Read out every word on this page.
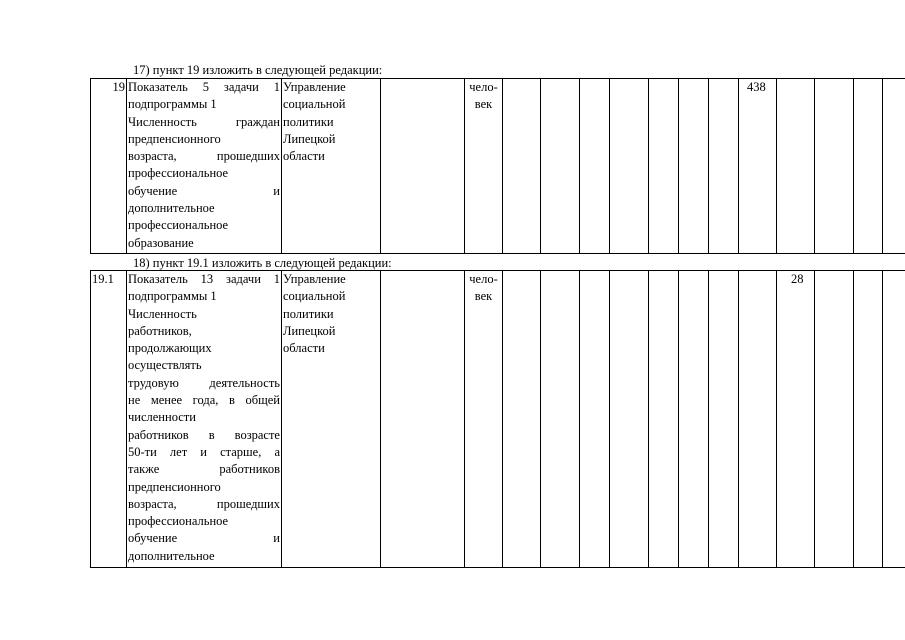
17) пункт 19 изложить в следующей редакции:
19	Показатель 5 задачи 1
подпрограммы 1
Численность граждан
предпенсионного
возраста, прошедших
профессиональное
обучение и
дополнительное
профессиональное
образование
	Управление
социальной
политики
Липецкой
области		чело-
век								438				
18) пункт 19.1 изложить в следующей редакции:
19.1	Показатель 13 задачи 1
подпрограммы 1
Численность
работников,
продолжающих
осуществлять
трудовую деятельность
не менее года, в общей
численности
работников в возрасте
50-ти лет и старше, а
также работников
предпенсионного
возраста, прошедших
профессиональное
обучение и
дополнительное
	Управление
социальной
политики
Липецкой
области		чело-
век									28			
